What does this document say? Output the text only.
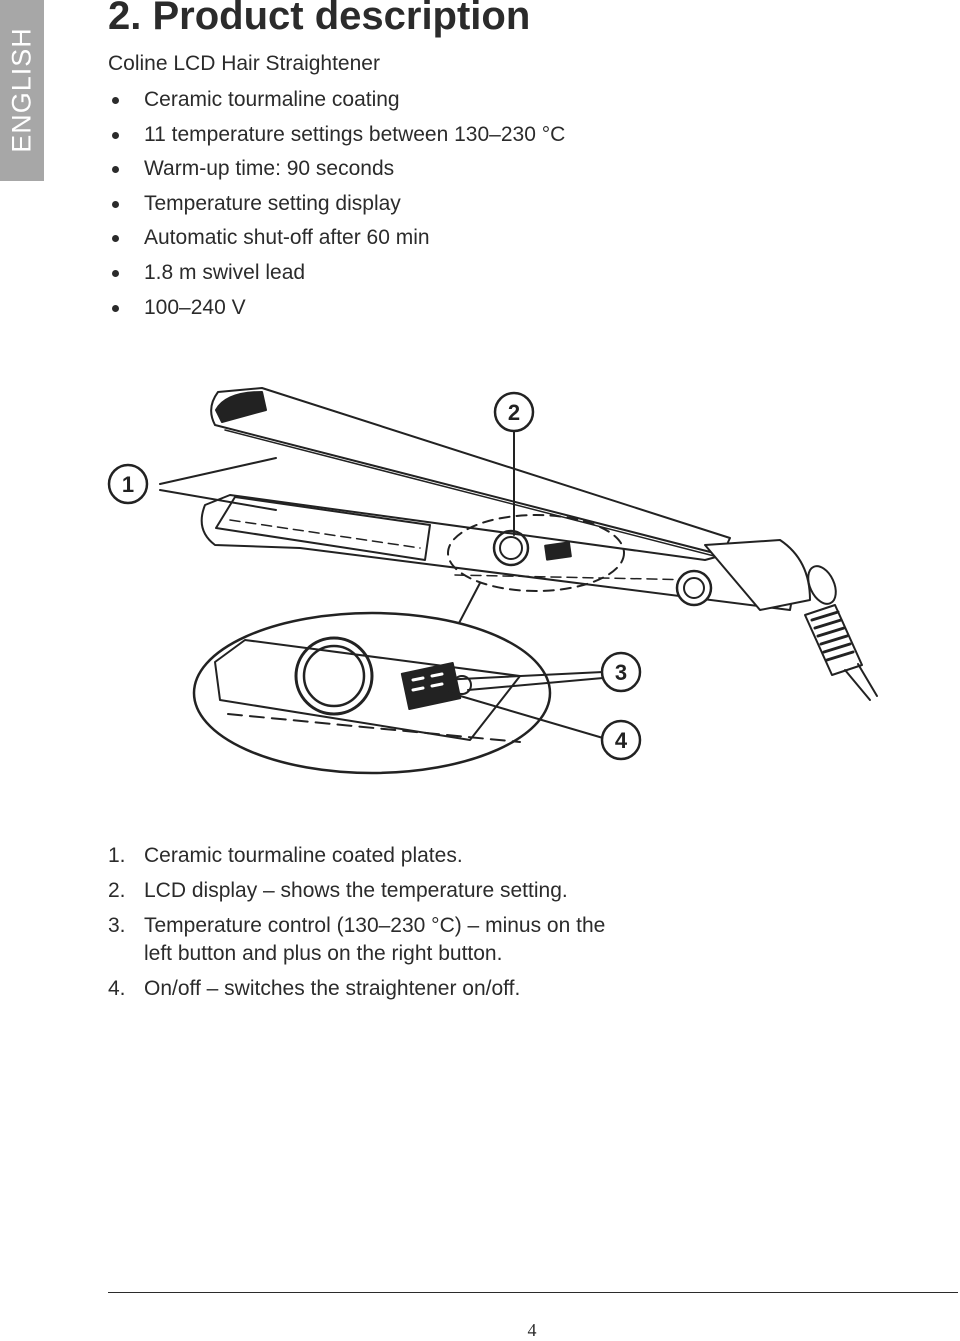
ENGLISH
2. Product description
Coline LCD Hair Straightener
Ceramic tourmaline coating
11 temperature settings between 130–230 °C
Warm-up time: 90 seconds
Temperature setting display
Automatic shut-off after 60 min
1.8 m swivel lead
100–240 V
1
2
3
4
1. Ceramic tourmaline coated plates.
2. LCD display – shows the temperature setting.
3. Temperature control (130–230 °C) – minus on the left button and plus on the right button.
4. On/off – switches the straightener on/off.
4
